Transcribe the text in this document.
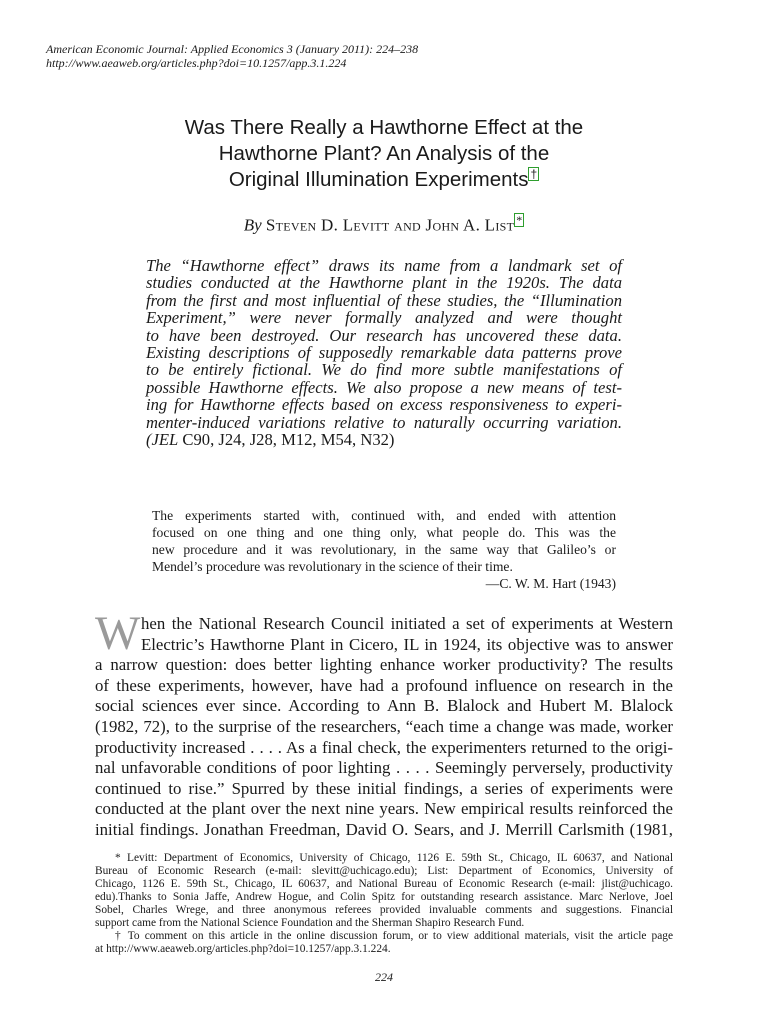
American Economic Journal: Applied Economics 3 (January 2011): 224–238
http://www.aeaweb.org/articles.php?doi=10.1257/app.3.1.224
Was There Really a Hawthorne Effect at the
Hawthorne Plant? An Analysis of the
Original Illumination Experiments †
By Steven D. Levitt and John A. List *
The “Hawthorne effect” draws its name from a landmark set of
studies conducted at the Hawthorne plant in the 1920s. The data
from the first and most influential of these studies, the “Illumination
Experiment,” were never formally analyzed and were thought
to have been destroyed. Our research has uncovered these data.
Existing descriptions of supposedly remarkable data patterns prove
to be entirely fictional. We do find more subtle manifestations of
possible Hawthorne effects. We also propose a new means of test-
ing for Hawthorne effects based on excess responsiveness to experi-
menter-induced variations relative to naturally occurring variation.
(JEL C90, J24, J28, M12, M54, N32)
The experiments started with, continued with, and ended with attention
focused on one thing and one thing only, what people do. This was the
new procedure and it was revolutionary, in the same way that Galileo’s or
Mendel’s procedure was revolutionary in the science of their time.
—C. W. M. Hart (1943)
W hen the National Research Council initiated a set of experiments at Western
Electric’s Hawthorne Plant in Cicero, IL in 1924, its objective was to answer
a narrow question: does better lighting enhance worker productivity? The results
of these experiments, however, have had a profound influence on research in the
social sciences ever since. According to Ann B. Blalock and Hubert M. Blalock
(1982, 72), to the surprise of the researchers, “each time a change was made, worker
productivity increased . . . . As a final check, the experimenters returned to the origi-
nal unfavorable conditions of poor lighting . . . . Seemingly perversely, productivity
continued to rise.” Spurred by these initial findings, a series of experiments were
conducted at the plant over the next nine years. New empirical results reinforced the
initial findings. Jonathan Freedman, David O. Sears, and J. Merrill Carlsmith (1981,
* Levitt: Department of Economics, University of Chicago, 1126 E. 59th St., Chicago, IL 60637, and National
Bureau of Economic Research (e-mail: slevitt@uchicago.edu); List: Department of Economics, University of
Chicago, 1126 E. 59th St., Chicago, IL 60637, and National Bureau of Economic Research (e-mail: jlist@uchicago.
edu).Thanks to Sonia Jaffe, Andrew Hogue, and Colin Spitz for outstanding research assistance. Marc Nerlove, Joel
Sobel, Charles Wrege, and three anonymous referees provided invaluable comments and suggestions. Financial
support came from the National Science Foundation and the Sherman Shapiro Research Fund.
† To comment on this article in the online discussion forum, or to view additional materials, visit the article page
at http://www.aeaweb.org/articles.php?doi=10.1257/app.3.1.224.
224
